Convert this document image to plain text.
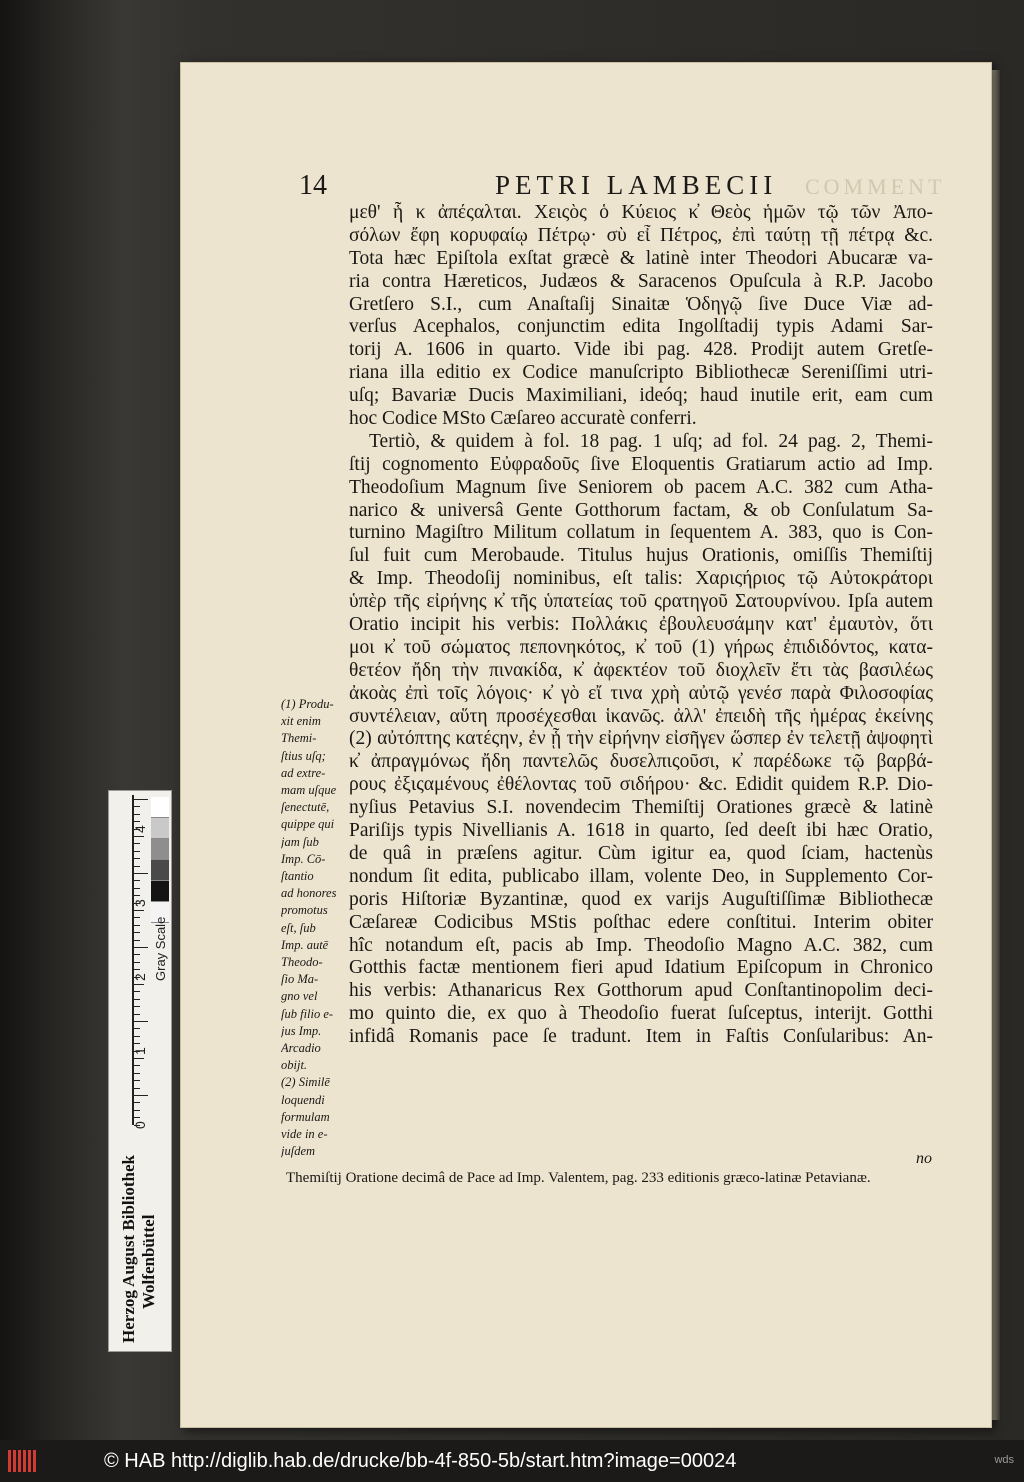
14	PETRI LAMBECII COMMENT
μεθ' ἧ κ ἀπέςαλται. Χειςὸς ὁ Κύειος κ̓ Θεὸς ἡμῶν τῷ τῶν Ἀπο-
σόλων ἔφη κορυφαίῳ Πέτρῳ· σὺ εἶ Πέτρος, ἐπὶ ταύτῃ τῇ πέτρᾳ &c.
Tota hæc Epiſtola exſtat græcè & latinè inter Theodori Abucaræ va-
ria contra Hæreticos, Judæos & Saracenos Opuſcula à R.P. Jacobo
Gretſero S.I., cum Anaſtaſij Sinaitæ Ὁδηγῷ ſive Duce Viæ ad-
verſus Acephalos, conjunctim edita Ingolſtadij typis Adami Sar-
torij A. 1606 in quarto. Vide ibi pag. 428. Prodijt autem Gretſe-
riana illa editio ex Codice manuſcripto Bibliothecæ Sereniſſimi utri-
uſq; Bavariæ Ducis Maximiliani, ideóq; haud inutile erit, eam cum
hoc Codice MSto Cæſareo accuratè conferri.
Tertiò, & quidem à fol. 18 pag. 1 uſq; ad fol. 24 pag. 2, Themi-
ſtij cognomento Εὐφραδοῦς ſive Eloquentis Gratiarum actio ad Imp.
Theodoſium Magnum ſive Seniorem ob pacem A.C. 382 cum Atha-
narico & universâ Gente Gotthorum factam, & ob Conſulatum Sa-
turnino Magiſtro Militum collatum in ſequentem A. 383, quo is Con-
ſul fuit cum Merobaude. Titulus hujus Orationis, omiſſis Themiſtij
& Imp. Theodoſij nominibus, eſt talis: Χαριςήριος τῷ Αὐτοκράτορι
ὑπὲρ τῆς εἰρήνης κ̓ τῆς ὑπατείας τοῦ ςρατηγοῦ Σατουρνίνου. Ipſa autem
Oratio incipit his verbis: Πολλάκις ἐβουλευσάμην κατ' ἐμαυτὸν, ὅτι
μοι κ̓ τοῦ σώματος πεπονηκότος, κ̓ τοῦ (1) γήρως ἐπιδιδόντος, κατα-
θετέον ἤδη τὴν πινακίδα, κ̓ ἀφεκτέον τοῦ διοχλεῖν ἔτι τὰς βασιλέως
ἀκοὰς ἐπὶ τοῖς λόγοις· κ̓ γὸ εἴ τινα χρὴ αὐτῷ γενέσ παρὰ Φιλοσοφίας
συντέλειαν, αὕτη προσέχεσθαι ἱκανῶς. ἀλλ' ἐπειδὴ τῆς ἡμέρας ἐκείνης
(2) αὐτόπτης κατέςην, ἐν ᾗ τὴν εἰρήνην εἰσῆγεν ὥσπερ ἐν τελετῇ ἀψοφητὶ
κ̓ ἀπραγμόνως ἤδη παντελῶς δυσελπιςοῦσι, κ̓ παρέδωκε τῷ βαρβά-
ρους ἐξιςαμένους ἐθέλοντας τοῦ σιδήρου· &c. Edidit quidem R.P. Dio-
nyſius Petavius S.I. novendecim Themiſtij Orationes græcè & latinè
Pariſijs typis Nivellianis A. 1618 in quarto, ſed deeſt ibi hæc Oratio,
de quâ in præſens agitur. Cùm igitur ea, quod ſciam, hactenùs
nondum ſit edita, publicabo illam, volente Deo, in Supplemento Cor-
poris Hiſtoriæ Byzantinæ, quod ex varijs Auguſtiſſimæ Bibliothecæ
Cæſareæ Codicibus MStis poſthac edere conſtitui. Interim obiter
hîc notandum eſt, pacis ab Imp. Theodoſio Magno A.C. 382, cum
Gotthis factæ mentionem fieri apud Idatium Epiſcopum in Chronico
his verbis: Athanaricus Rex Gotthorum apud Conſtantinopolim deci-
mo quinto die, ex quo à Theodoſio fuerat ſuſceptus, interijt. Gotthi
infidâ Romanis pace ſe tradunt. Item in Faſtis Conſularibus: An-
no
(1) Produ-
xit enim
Themi-
ſtius uſq;
ad extre-
mam uſque
ſenectutē,
quippe qui
jam ſub
Imp. Cō-
ſtantio
ad honores
promotus
eſt, ſub
Imp. autē
Theodo-
ſio Ma-
gno vel
ſub filio e-
jus Imp.
Arcadio
obijt.
(2) Similē
loquendi
formulam
vide in e-
juſdem
Themiſtij Oratione decimâ de Pace ad Imp. Valentem, pag. 233 editionis græco-latinæ Petavianæ.
Gray Scale
0
1
2
3
4
Herzog August Bibliothek Wolfenbüttel
© HAB http://diglib.hab.de/drucke/bb-4f-850-5b/start.htm?image=00024	wds
